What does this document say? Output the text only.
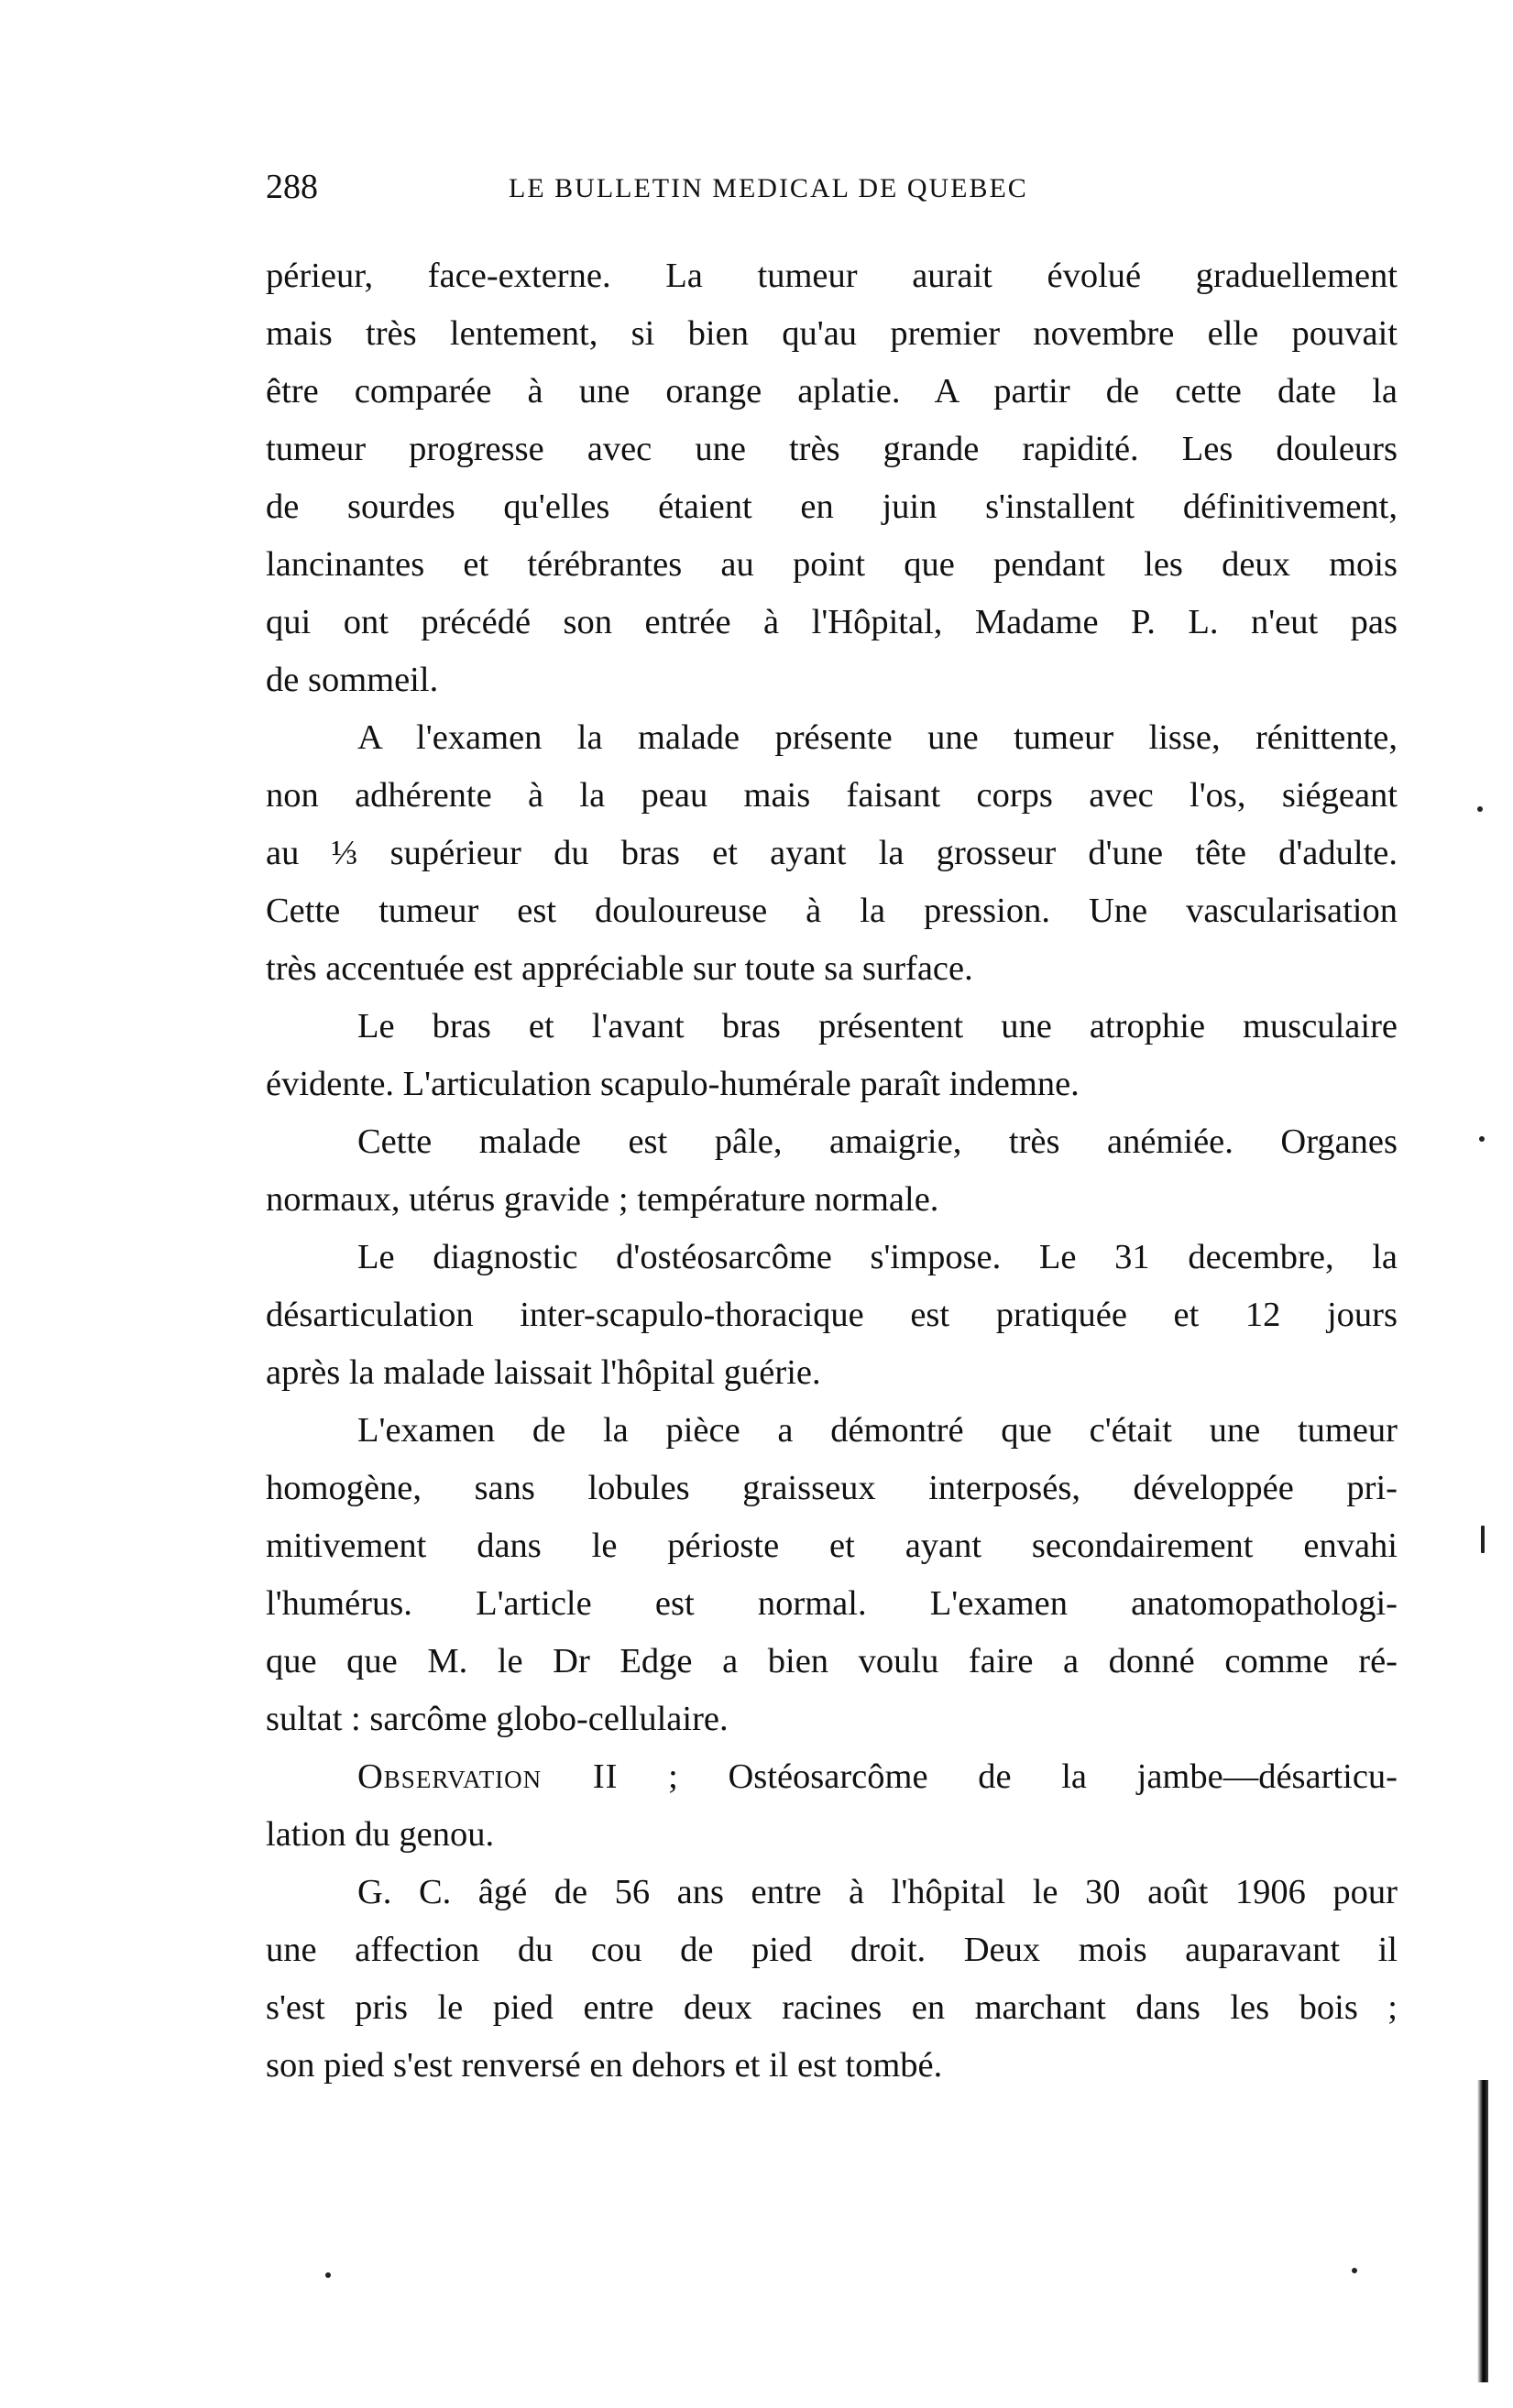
288	LE BULLETIN MEDICAL DE QUEBEC
périeur, face-externe. La tumeur aurait évolué graduellement
mais très lentement, si bien qu'au premier novembre elle pouvait
être comparée à une orange aplatie. A partir de cette date la
tumeur progresse avec une très grande rapidité. Les douleurs
de sourdes qu'elles étaient en juin s'installent définitivement,
lancinantes et térébrantes au point que pendant les deux mois
qui ont précédé son entrée à l'Hôpital, Madame P. L. n'eut pas
de sommeil.
A l'examen la malade présente une tumeur lisse, rénittente,
non adhérente à la peau mais faisant corps avec l'os, siégeant
au ⅓ supérieur du bras et ayant la grosseur d'une tête d'adulte.
Cette tumeur est douloureuse à la pression. Une vascularisation
très accentuée est appréciable sur toute sa surface.
Le bras et l'avant bras présentent une atrophie musculaire
évidente. L'articulation scapulo-humérale paraît indemne.
Cette malade est pâle, amaigrie, très anémiée. Organes
normaux, utérus gravide ; température normale.
Le diagnostic d'ostéosarcôme s'impose. Le 31 decembre, la
désarticulation inter-scapulo-thoracique est pratiquée et 12 jours
après la malade laissait l'hôpital guérie.
L'examen de la pièce a démontré que c'était une tumeur
homogène, sans lobules graisseux interposés, développée pri-
mitivement dans le périoste et ayant secondairement envahi
l'humérus. L'article est normal. L'examen anatomopathologi-
que que M. le Dr Edge a bien voulu faire a donné comme ré-
sultat : sarcôme globo-cellulaire.
Observation II ; Ostéosarcôme de la jambe—désarticu-
lation du genou.
G. C. âgé de 56 ans entre à l'hôpital le 30 août 1906 pour
une affection du cou de pied droit. Deux mois auparavant il
s'est pris le pied entre deux racines en marchant dans les bois ;
son pied s'est renversé en dehors et il est tombé.
